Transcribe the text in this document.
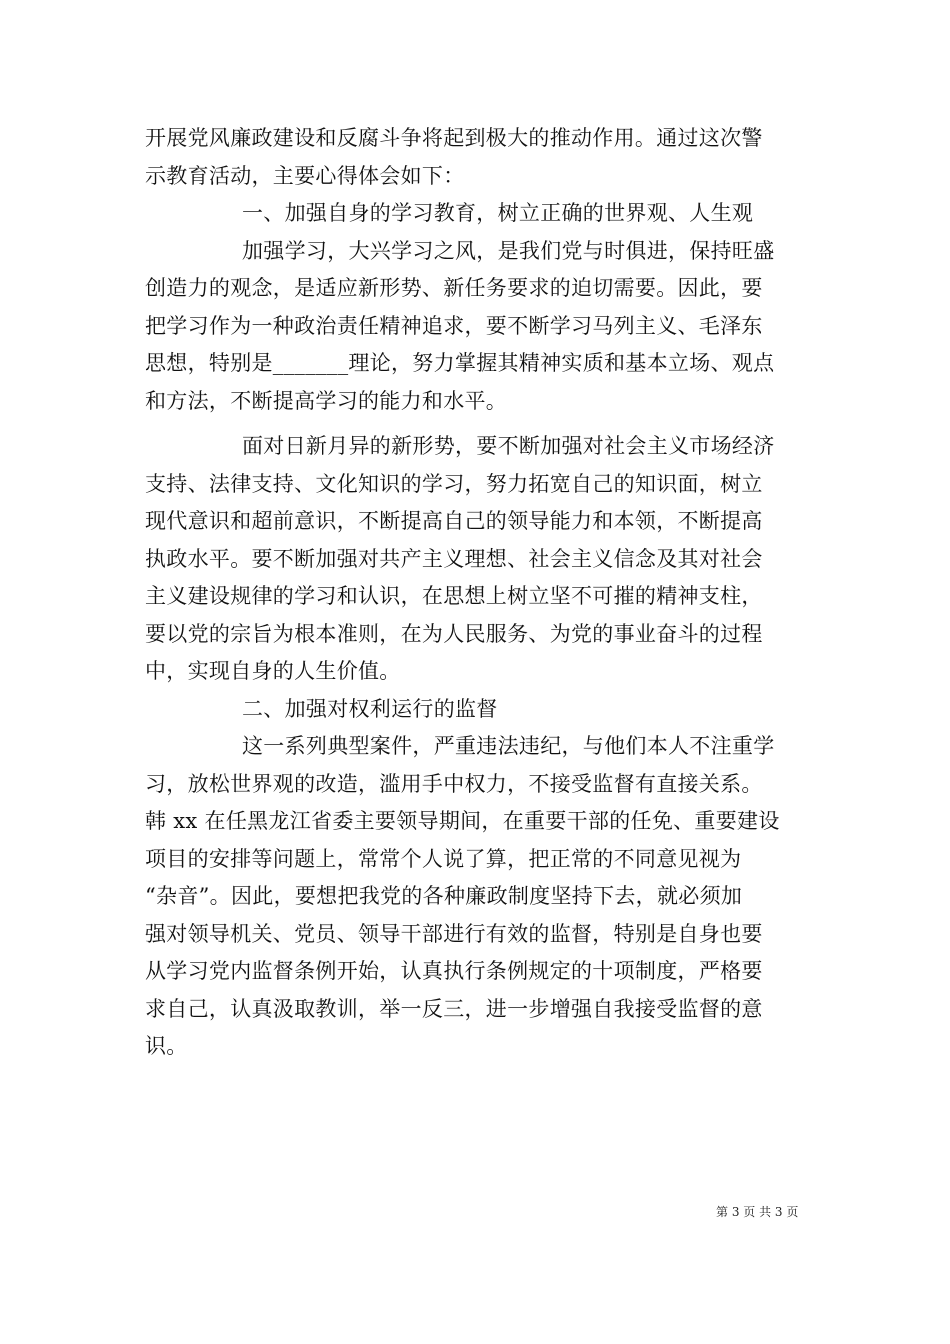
开展党风廉政建设和反腐斗争将起到极大的推动作用。通过这次警
示教育活动，主要心得体会如下：
一、加强自身的学习教育，树立正确的世界观、人生观
加强学习，大兴学习之风，是我们党与时俱进，保持旺盛
创造力的观念，是适应新形势、新任务要求的迫切需要。因此，要
把学习作为一种政治责任精神追求，要不断学习马列主义、毛泽东
思想，特别是_______理论，努力掌握其精神实质和基本立场、观点
和方法，不断提高学习的能力和水平。
面对日新月异的新形势，要不断加强对社会主义市场经济
支持、法律支持、文化知识的学习，努力拓宽自己的知识面，树立
现代意识和超前意识，不断提高自己的领导能力和本领，不断提高
执政水平。要不断加强对共产主义理想、社会主义信念及其对社会
主义建设规律的学习和认识，在思想上树立坚不可摧的精神支柱，
要以党的宗旨为根本准则，在为人民服务、为党的事业奋斗的过程
中，实现自身的人生价值。
二、加强对权利运行的监督
这一系列典型案件，严重违法违纪，与他们本人不注重学
习，放松世界观的改造，滥用手中权力，不接受监督有直接关系。
韩 xx 在任黑龙江省委主要领导期间，在重要干部的任免、重要建设
项目的安排等问题上，常常个人说了算，把正常的不同意见视为
“杂音”。因此，要想把我党的各种廉政制度坚持下去，就必须加
强对领导机关、党员、领导干部进行有效的监督，特别是自身也要
从学习党内监督条例开始，认真执行条例规定的十项制度，严格要
求自己，认真汲取教训，举一反三，进一步增强自我接受监督的意
识。
第 3 页 共 3 页
